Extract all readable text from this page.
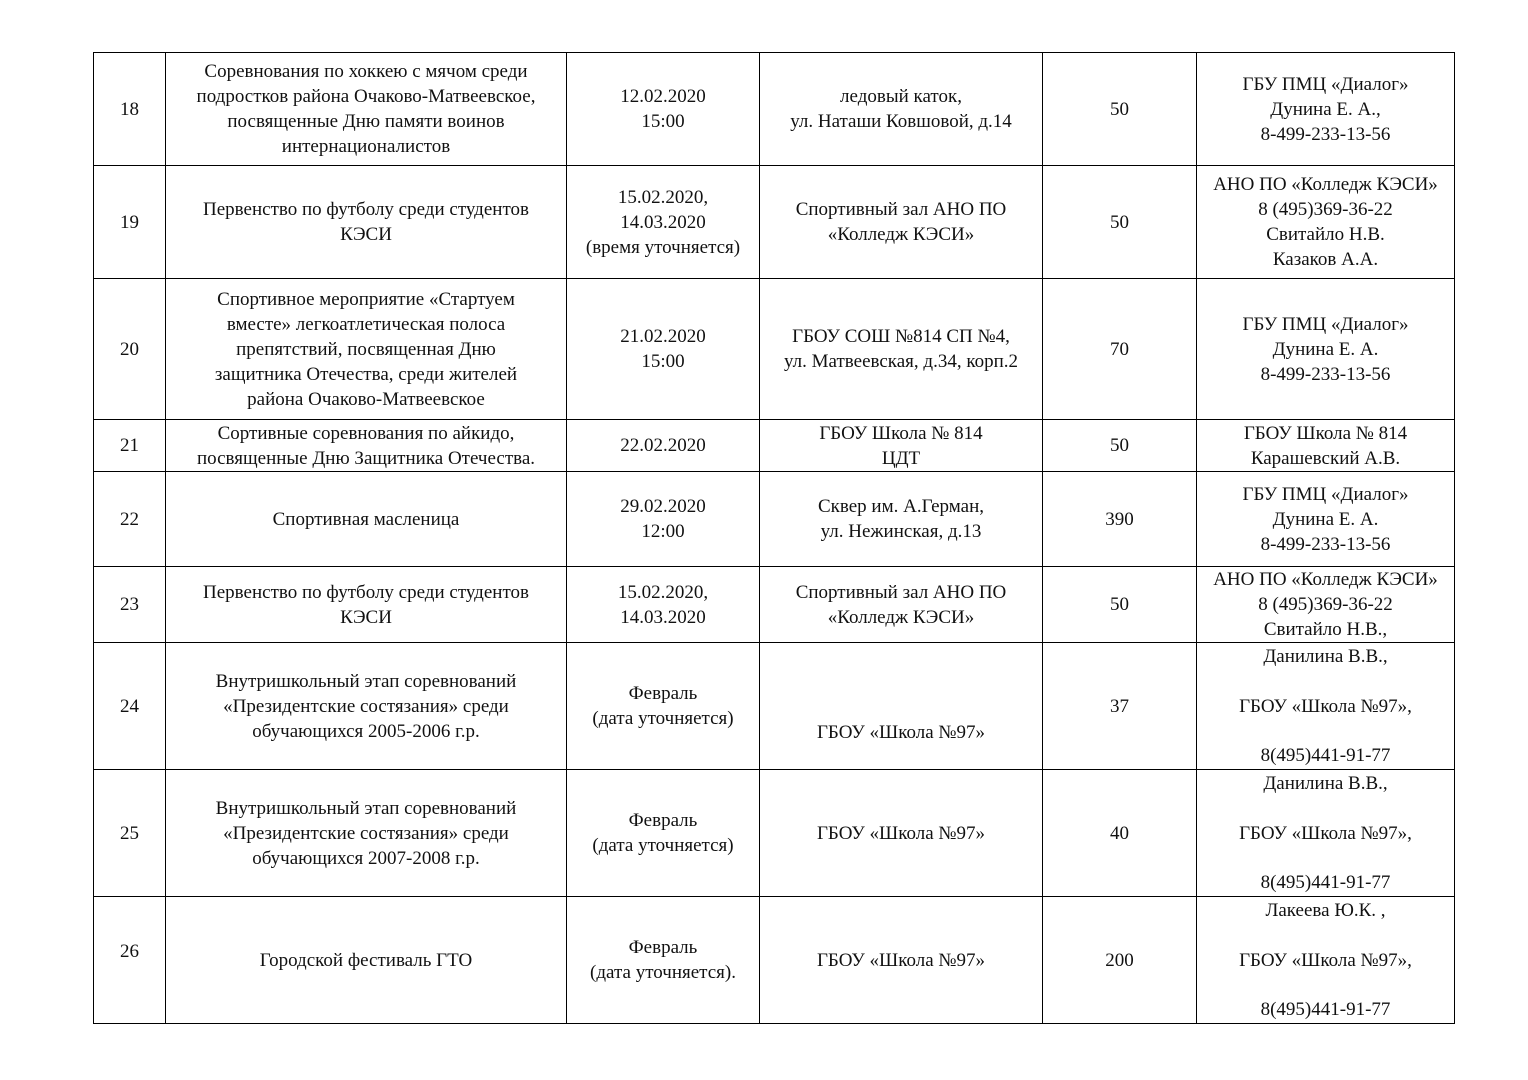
18	Соревнования по хоккею с мячом среди
подростков района Очаково-Матвеевское,
посвященные Дню памяти воинов
интернационалистов	12.02.2020
15:00	ледовый каток,
ул. Наташи Ковшовой, д.14	50	ГБУ ПМЦ «Диалог»
Дунина Е. А.,
8-499-233-13-56

19	Первенство по футболу среди студентов
КЭСИ	15.02.2020,
14.03.2020
(время уточняется)	Спортивный зал АНО ПО
«Колледж КЭСИ»	50	АНО ПО «Колледж КЭСИ»
8 (495)369-36-22
Свитайло Н.В.
Казаков А.А.

20	Спортивное мероприятие «Стартуем
вместе» легкоатлетическая полоса
препятствий, посвященная Дню
защитника Отечества, среди жителей
района Очаково-Матвеевское	21.02.2020
15:00	ГБОУ СОШ №814 СП №4,
ул. Матвеевская, д.34, корп.2	70	ГБУ ПМЦ «Диалог»
Дунина Е. А.
8-499-233-13-56

21	Сортивные соревнования по айкидо,
посвященные Дню Защитника Отечества.	22.02.2020	ГБОУ Школа № 814
ЦДТ	50	ГБОУ Школа № 814
Карашевский А.В.

22	Спортивная масленица	29.02.2020
12:00	Сквер им. А.Герман,
ул. Нежинская, д.13	390	ГБУ ПМЦ «Диалог»
Дунина Е. А.
8-499-233-13-56

23	Первенство по футболу среди студентов
КЭСИ	15.02.2020,
14.03.2020	Спортивный зал АНО ПО
«Колледж КЭСИ»	50	АНО ПО «Колледж КЭСИ»
8 (495)369-36-22
Свитайло Н.В.,

24	Внутришкольный этап соревнований
«Президентские состязания» среди
обучающихся 2005-2006 г.р.	Февраль
(дата уточняется)	ГБОУ «Школа №97»	37	Данилина В.В.,
ГБОУ «Школа №97»,
8(495)441-91-77

25	Внутришкольный этап соревнований
«Президентские состязания» среди
обучающихся 2007-2008 г.р.	Февраль
(дата уточняется)	ГБОУ «Школа №97»	40	Данилина В.В.,
ГБОУ «Школа №97»,
8(495)441-91-77

26	Городской фестиваль ГТО	Февраль
(дата уточняется).	ГБОУ «Школа №97»	200	Лакеева Ю.К. ,
ГБОУ «Школа №97»,
8(495)441-91-77
